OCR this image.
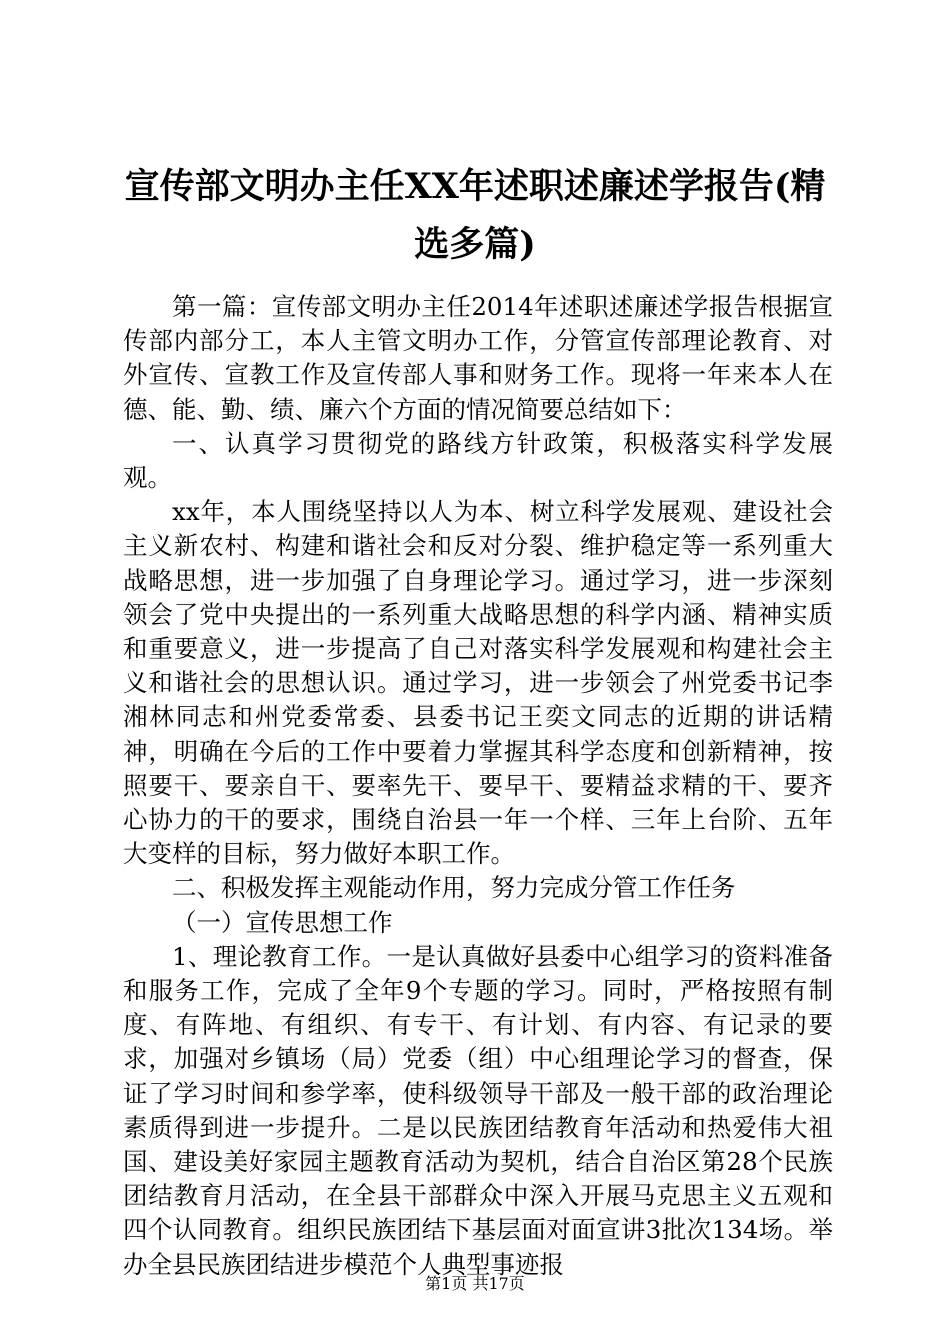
宣传部文明办主任XX年述职述廉述学报告(精选多篇)

第一篇：宣传部文明办主任2014年述职述廉述学报告根据宣传部内部分工，本人主管文明办工作，分管宣传部理论教育、对外宣传、宣教工作及宣传部人事和财务工作。现将一年来本人在德、能、勤、绩、廉六个方面的情况简要总结如下：

一、认真学习贯彻党的路线方针政策，积极落实科学发展观。

xx年，本人围绕坚持以人为本、树立科学发展观、建设社会主义新农村、构建和谐社会和反对分裂、维护稳定等一系列重大战略思想，进一步加强了自身理论学习。通过学习，进一步深刻领会了党中央提出的一系列重大战略思想的科学内涵、精神实质和重要意义，进一步提高了自己对落实科学发展观和构建社会主义和谐社会的思想认识。通过学习，进一步领会了州党委书记李湘林同志和州党委常委、县委书记王奕文同志的近期的讲话精神，明确在今后的工作中要着力掌握其科学态度和创新精神，按照要干、要亲自干、要率先干、要早干、要精益求精的干、要齐心协力的干的要求，围绕自治县一年一个样、三年上台阶、五年大变样的目标，努力做好本职工作。

二、积极发挥主观能动作用，努力完成分管工作任务

（一）宣传思想工作

1、理论教育工作。一是认真做好县委中心组学习的资料准备和服务工作，完成了全年9个专题的学习。同时，严格按照有制度、有阵地、有组织、有专干、有计划、有内容、有记录的要求，加强对乡镇场（局）党委（组）中心组理论学习的督查，保证了学习时间和参学率，使科级领导干部及一般干部的政治理论素质得到进一步提升。二是以民族团结教育年活动和热爱伟大祖国、建设美好家园主题教育活动为契机，结合自治区第28个民族团结教育月活动，在全县干部群众中深入开展马克思主义五观和四个认同教育。组织民族团结下基层面对面宣讲3批次134场。举办全县民族团结进步模范个人典型事迹报

第1页 共17页
